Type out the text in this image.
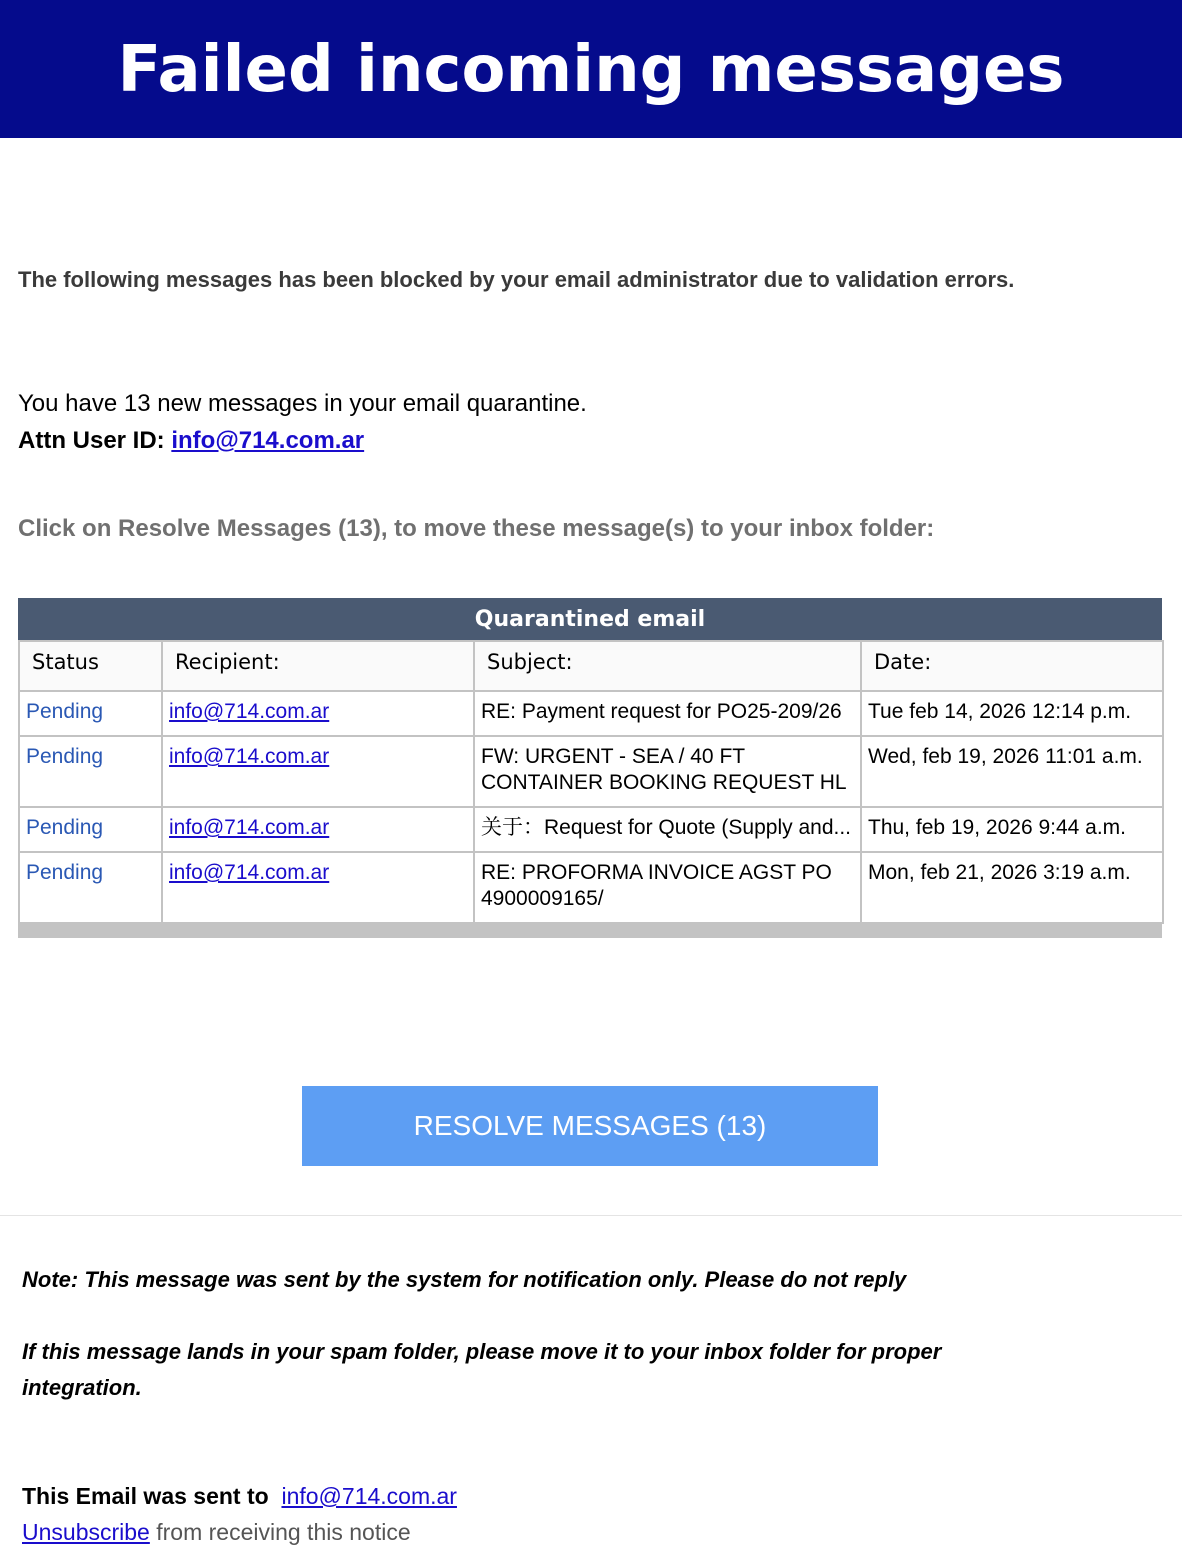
Failed incoming messages
The following messages has been blocked by your email administrator due to validation errors.
You have 13 new messages in your email quarantine.
Attn User ID: info@714.com.ar
Click on Resolve Messages (13), to move these message(s) to your inbox folder:
Quarantined email
Status	Recipient:	Subject:	Date:
Pending	info@714.com.ar	RE: Payment request for PO25-209/26	Tue feb 14, 2026 12:14 p.m.
Pending	info@714.com.ar	FW: URGENT - SEA / 40 FT CONTAINER BOOKING REQUEST HL	Wed, feb 19, 2026 11:01 a.m.
Pending	info@714.com.ar	关于：Request for Quote (Supply and...	Thu, feb 19, 2026 9:44 a.m.
Pending	info@714.com.ar	RE: PROFORMA INVOICE AGST PO 4900009165/	Mon, feb 21, 2026 3:19 a.m.
RESOLVE MESSAGES (13)
Note: This message was sent by the system for notification only. Please do not reply
If this message lands in your spam folder, please move it to your inbox folder for proper integration.
This Email was sent to info@714.com.ar
Unsubscribe from receiving this notice
